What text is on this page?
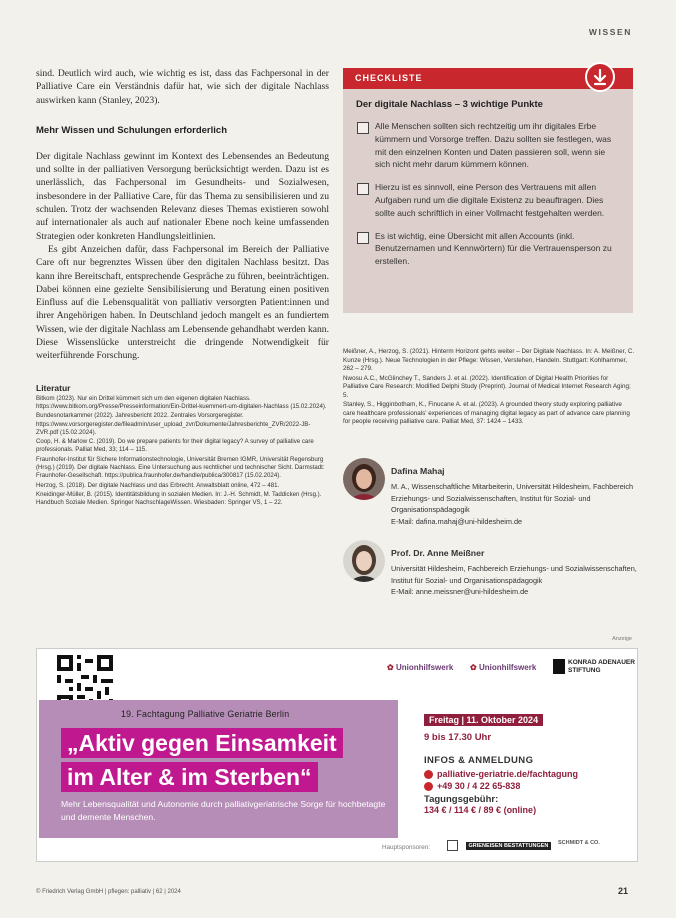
WISSEN

sind. Deutlich wird auch, wie wichtig es ist, dass das Fachpersonal in der Palliative Care ein Verständnis dafür hat, wie sich der digitale Nachlass auswirken kann (Stanley, 2023).

Mehr Wissen und Schulungen erforderlich

Der digitale Nachlass gewinnt im Kontext des Lebensendes an Bedeutung und sollte in der palliativen Versorgung berücksichtigt werden. Dazu ist es unerlässlich, das Fachpersonal im Gesundheits- und Sozialwesen, insbesondere in der Palliative Care, für das Thema zu sensibilisieren und zu schulen. Trotz der wachsenden Relevanz dieses Themas existieren sowohl auf internationaler als auch auf nationaler Ebene noch keine umfassenden Strategien oder konkreten Handlungsleitlinien.

Es gibt Anzeichen dafür, dass Fachpersonal im Bereich der Palliative Care oft nur begrenztes Wissen über den digitalen Nachlass besitzt. Das kann ihre Bereitschaft, entsprechende Gespräche zu führen, beeinträchtigen. Dabei können eine gezielte Sensibilisierung und Beratung einen positiven Einfluss auf die Lebensqualität von palliativ versorgten Patient:innen und ihrer Angehörigen haben. In Deutschland jedoch mangelt es an fundiertem Wissen, wie der digitale Nachlass am Lebensende gehandhabt werden kann. Diese Wissenslücke unterstreicht die dringende Notwendigkeit für weiterführende Forschung.

Literatur

Bitkom (2023). Nur ein Drittel kümmert sich um den eigenen digitalen Nachlass. https://www.bitkom.org/Presse/Presseinformation/Ein-Drittel-kuemmert-um-digitalen-Nachlass (15.02.2024).

Bundesnotarkammer (2022). Jahresbericht 2022. Zentrales Vorsorgeregister. https://www.vorsorgeregister.de/fileadmin/user_upload_zvr/Dokumente/Jahresberichte_ZVR/2022-JB-ZVR.pdf (15.02.2024).

Coop, H. & Marlow C. (2019). Do we prepare patients for their digital legacy? A survey of palliative care professionals. Palliat Med, 33; 114 – 115.

Fraunhofer-Institut für Sichere Informationstechnologie, Universität Bremen IGMR, Universität Regensburg (Hrsg.) (2019). Der digitale Nachlass. Eine Untersuchung aus rechtlicher und technischer Sicht. Darmstadt: Fraunhofer-Gesellschaft. https://publica.fraunhofer.de/handle/publica/300817 (15.02.2024).

Herzog, S. (2018). Der digitale Nachlass und das Erbrecht. Anwaltsblatt online, 472 – 481.

Kneidinger-Müller, B. (2015). Identitätsbildung in sozialen Medien. In: J.-H. Schmidt, M. Taddicken (Hrsg.). Handbuch Soziale Medien. Springer NachschlageWissen. Wiesbaden: Springer VS, 1 – 22.

CHECKLISTE
Der digitale Nachlass – 3 wichtige Punkte
Alle Menschen sollten sich rechtzeitig um ihr digitales Erbe kümmern und Vorsorge treffen. Dazu sollten sie festlegen, was mit den einzelnen Konten und Daten passieren soll, wenn sie sich nicht mehr darum kümmern können.
Hierzu ist es sinnvoll, eine Person des Vertrauens mit allen Aufgaben rund um die digitale Existenz zu beauftragen. Dies sollte auch schriftlich in einer Vollmacht festgehalten werden.
Es ist wichtig, eine Übersicht mit allen Accounts (inkl. Benutzernamen und Kennwörtern) für die Vertrauensperson zu erstellen.

Meißner, A., Herzog, S. (2021). Hinterm Horizont gehts weiter – Der Digitale Nachlass. In: A. Meißner, C. Kunze (Hrsg.). Neue Technologien in der Pflege: Wissen, Verstehen, Handeln. Stuttgart: Kohlhammer, 262 – 279.

Nwosu A.C., McGlinchey T., Sanders J. et al. (2022). Identification of Digital Health Priorities for Palliative Care Research: Modified Delphi Study (Preprint). Journal of Medical Internet Research Aging; 5.

Stanley, S., Higginbotham, K., Finucane A. et al. (2023). A grounded theory study exploring palliative care healthcare professionals' experiences of managing digital legacy as part of advance care planning for people receiving palliative care. Palliat Med, 37: 1424 – 1433.

Dafina Mahaj
M. A., Wissenschaftliche Mitarbeiterin, Universität Hildesheim, Fachbereich Erziehungs- und Sozialwissenschaften, Institut für Sozial- und Organisationspädagogik
E-Mail: dafina.mahaj@uni-hildesheim.de
Prof. Dr. Anne Meißner
Universität Hildesheim, Fachbereich Erziehungs- und Sozialwissenschaften, Institut für Sozial- und Organisationspädagogik
E-Mail: anne.meissner@uni-hildesheim.de
Anzeige
✿ Unionhilfswerk ✿ Unionhilfswerk
KONRAD ADENAUER STIFTUNG
19. Fachtagung Palliative Geriatrie Berlin
„Aktiv gegen Einsamkeit
im Alter & im Sterben“
Mehr Lebensqualität und Autonomie durch palliativgeriatrische Sorge für hochbetagte und demente Menschen.
Freitag | 11. Oktober 2024
9 bis 17.30 Uhr
INFOS & ANMELDUNG
palliative-geriatrie.de/fachtagung
+49 30 / 4 22 65-838
Tagungsgebühr:
134 € / 114 € / 89 € (online)
Hauptsponsoren:	GRIENEISEN BESTATTUNGEN	SCHMIDT & CO.
© Friedrich Verlag GmbH | pflegen: palliativ | 62 | 2024	21
